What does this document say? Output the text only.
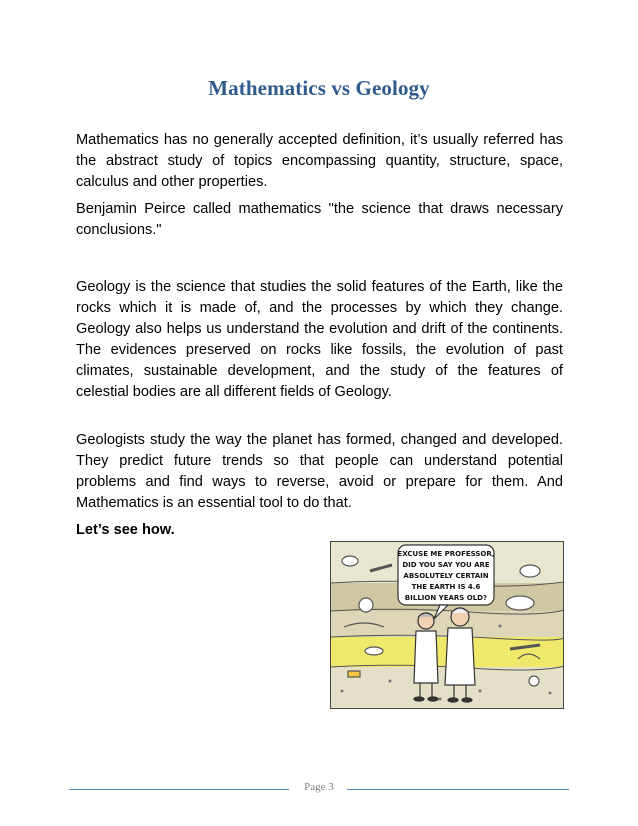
Mathematics vs Geology

Mathematics has no generally accepted definition, it’s usually referred has the abstract study of topics encompassing quantity, structure, space, calculus and other properties.

Benjamin Peirce called mathematics "the science that draws necessary conclusions."

Geology is the science that studies the solid features of the Earth, like the rocks which it is made of, and the processes by which they change. Geology also helps us understand the evolution and drift of the continents. The evidences preserved on rocks like fossils, the evolution of past climates, sustainable development, and the study of the features of celestial bodies are all different fields of Geology.

Geologists study the way the planet has formed, changed and developed. They predict future trends so that people can understand potential problems and find ways to reverse, avoid or prepare for them. And Mathematics is an essential tool to do that.

Let’s see how.

EXCUSE ME PROFESSOR,
DID YOU SAY YOU ARE
ABSOLUTELY CERTAIN
THE EARTH IS 4.6
BILLION YEARS OLD?
Page 3
